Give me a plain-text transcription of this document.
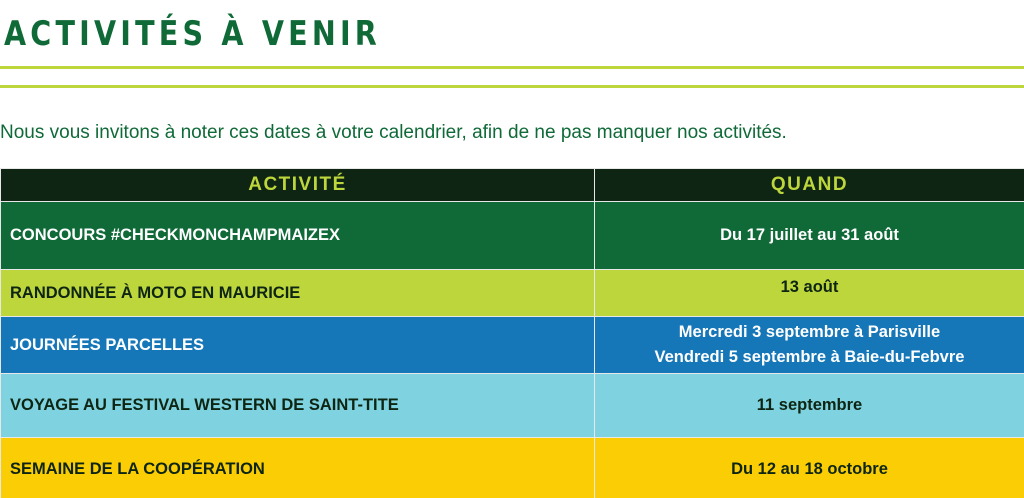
ACTIVITÉS À VENIR

Nous vous invitons à noter ces dates à votre calendrier, afin de ne pas manquer nos activités.

ACTIVITÉ	QUAND
CONCOURS #CHECKMONCHAMPMAIZEX	Du 17 juillet au 31 août

RANDONNÉE À MOTO EN MAURICIE	13 août

JOURNÉES PARCELLES	Mercredi 3 septembre à Parisville
Vendredi 5 septembre à Baie-du-Febvre

VOYAGE AU FESTIVAL WESTERN DE SAINT-TITE	11 septembre

SEMAINE DE LA COOPÉRATION	Du 12 au 18 octobre
